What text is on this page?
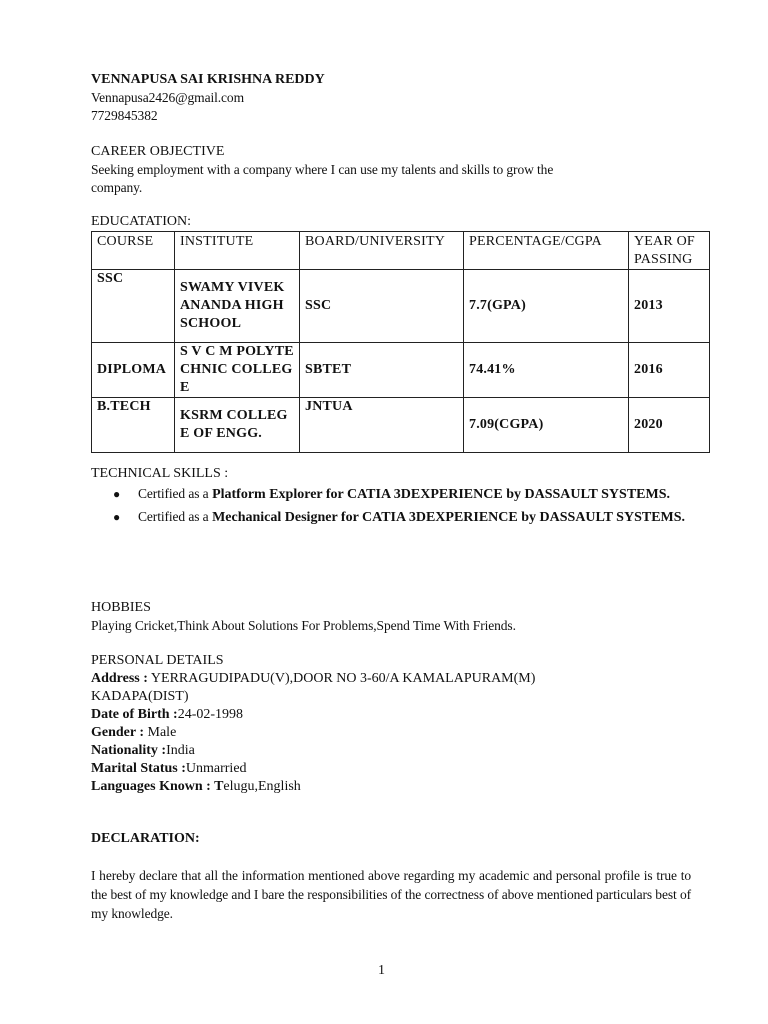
VENNAPUSA SAI KRISHNA REDDY
Vennapusa2426@gmail.com
7729845382
CAREER OBJECTIVE
Seeking employment with a company where I can use my talents and skills to grow the
company.
EDUCATATION:
COURSE	INSTITUTE	BOARD/UNIVERSITY	PERCENTAGE/CGPA	YEAR OF PASSING
SSC	SWAMY VIVEKANANDA HIGH SCHOOL	SSC	7.7(GPA)	2013
DIPLOMA	S V C M POLYTECHNIC COLLEGE	SBTET	74.41%	2016
B.TECH	KSRM COLLEGE OF ENGG.	JNTUA	7.09(CGPA)	2020
TECHNICAL SKILLS :
● Certified as a Platform Explorer for CATIA 3DEXPERIENCE by DASSAULT SYSTEMS.
● Certified as a Mechanical Designer for CATIA 3DEXPERIENCE by DASSAULT SYSTEMS.
HOBBIES
Playing Cricket,Think About Solutions For Problems,Spend Time With Friends.
PERSONAL DETAILS
Address : YERRAGUDIPADU(V),DOOR NO 3-60/A KAMALAPURAM(M)
KADAPA(DIST)
Date of Birth :24-02-1998
Gender : Male
Nationality :India
Marital Status :Unmarried
Languages Known : Telugu,English
DECLARATION:
I hereby declare that all the information mentioned above regarding my academic and personal profile is true to the best of my knowledge and I bare the responsibilities of the correctness of above mentioned particulars best of my knowledge.
1
